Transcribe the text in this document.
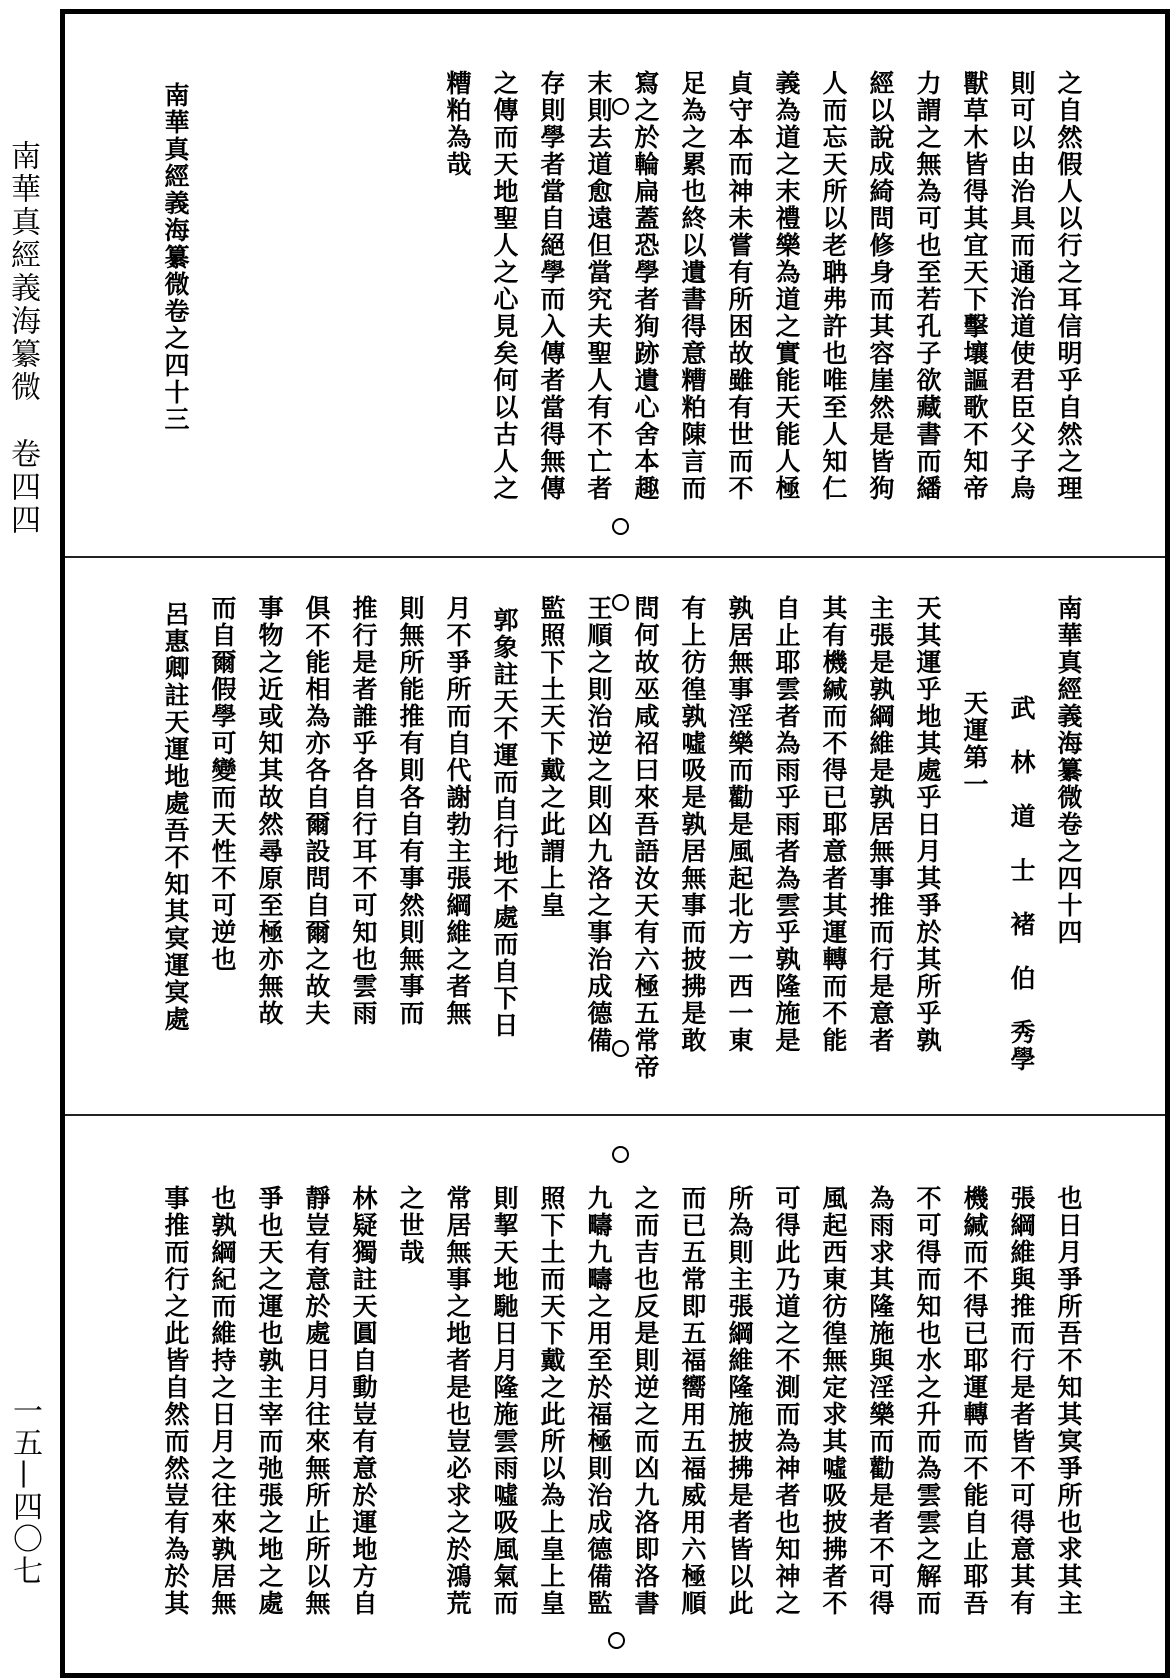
南華真經義海纂微卷四四
一五—四〇七
之自然假人以行之耳信明乎自然之理
則可以由治具而通治道使君臣父子烏
獸草木皆得其宜天下擊壤謳歌不知帝
力謂之無為可也至若孔子欲藏書而繙
經以說成綺問修身而其容崖然是皆狗
人而忘天所以老聃弗許也唯至人知仁
義為道之末禮樂為道之實能天能人極
貞守本而神未嘗有所困故雖有世而不
足為之累也終以遺書得意糟粕陳言而
寫之於輪扁蓋恐學者狥跡遺心舍本趣
末則去道愈遠但當究夫聖人有不亡者
存則學者當自絕學而入傳者當得無傳
之傳而天地聖人之心見矣何以古人之
糟粕為哉
南華真經義海纂微卷之四十三
南華真經義海纂微卷之四十四
武　林　道　士　褚　伯　秀學
天運第一
天其運乎地其處乎日月其爭於其所乎孰
主張是孰綱維是孰居無事推而行是意者
其有機緘而不得已耶意者其運轉而不能
自止耶雲者為雨乎雨者為雲乎孰隆施是
孰居無事淫樂而勸是風起北方一西一東
有上彷徨孰噓吸是孰居無事而披拂是敢
問何故巫咸祒曰來吾語汝天有六極五常帝
王順之則治逆之則凶九洛之事治成德備
監照下土天下戴之此謂上皇
郭象註天不運而自行地不處而自下日
月不爭所而自代謝勃主張綱維之者無
則無所能推有則各自有事然則無事而
推行是者誰乎各自行耳不可知也雲雨
俱不能相為亦各自爾設問自爾之故夫
事物之近或知其故然尋原至極亦無故
而自爾假學可變而天性不可逆也
呂惠卿註天運地處吾不知其㝠運㝠處
也日月爭所吾不知其㝠爭所也求其主
張綱維與推而行是者皆不可得意其有
機緘而不得已耶運轉而不能自止耶吾
不可得而知也水之升而為雲雲之解而
為雨求其隆施與淫樂而勸是者不可得
風起西東彷徨無定求其噓吸披拂者不
可得此乃道之不測而為神者也知神之
所為則主張綱維隆施披拂是者皆以此
而已五常即五福嚮用五福威用六極順
之而吉也反是則逆之而凶九洛即洛書
九疇九疇之用至於福極則治成德備監
照下土而天下戴之此所以為上皇上皇
則挈天地馳日月隆施雲雨噓吸風氣而
常居無事之地者是也豈必求之於鴻荒
之世哉
林疑獨註天圓自動豈有意於運地方自
靜豈有意於處日月往來無所止所以無
爭也天之運也孰主宰而弛張之地之處
也孰綱紀而維持之日月之往來孰居無
事推而行之此皆自然而然豈有為於其
